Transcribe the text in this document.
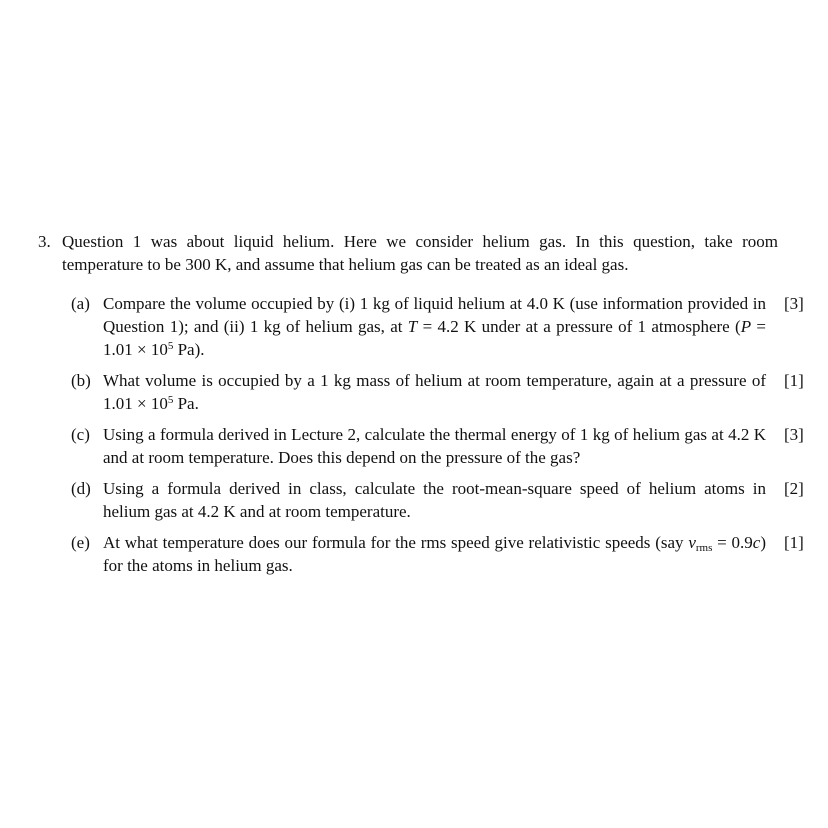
3. Question 1 was about liquid helium. Here we consider helium gas. In this question, take room temperature to be 300 K, and assume that helium gas can be treated as an ideal gas.
(a) Compare the volume occupied by (i) 1 kg of liquid helium at 4.0 K (use information provided in Question 1); and (ii) 1 kg of helium gas, at T = 4.2 K under at a pressure of 1 atmosphere ($P = 1.01 \times 10^5$ Pa).
[3]
(b) What volume is occupied by a 1 kg mass of helium at room temperature, again at a pressure of $1.01 \times 10^5$ Pa.
[1]
(c) Using a formula derived in Lecture 2, calculate the thermal energy of 1 kg of helium gas at 4.2 K and at room temperature. Does this depend on the pressure of the gas?
[3]
(d) Using a formula derived in class, calculate the root-mean-square speed of helium atoms in helium gas at 4.2 K and at room temperature.
[2]
(e) At what temperature does our formula for the rms speed give relativistic speeds (say $v_{rms} = 0.9c$) for the atoms in helium gas.
[1]
